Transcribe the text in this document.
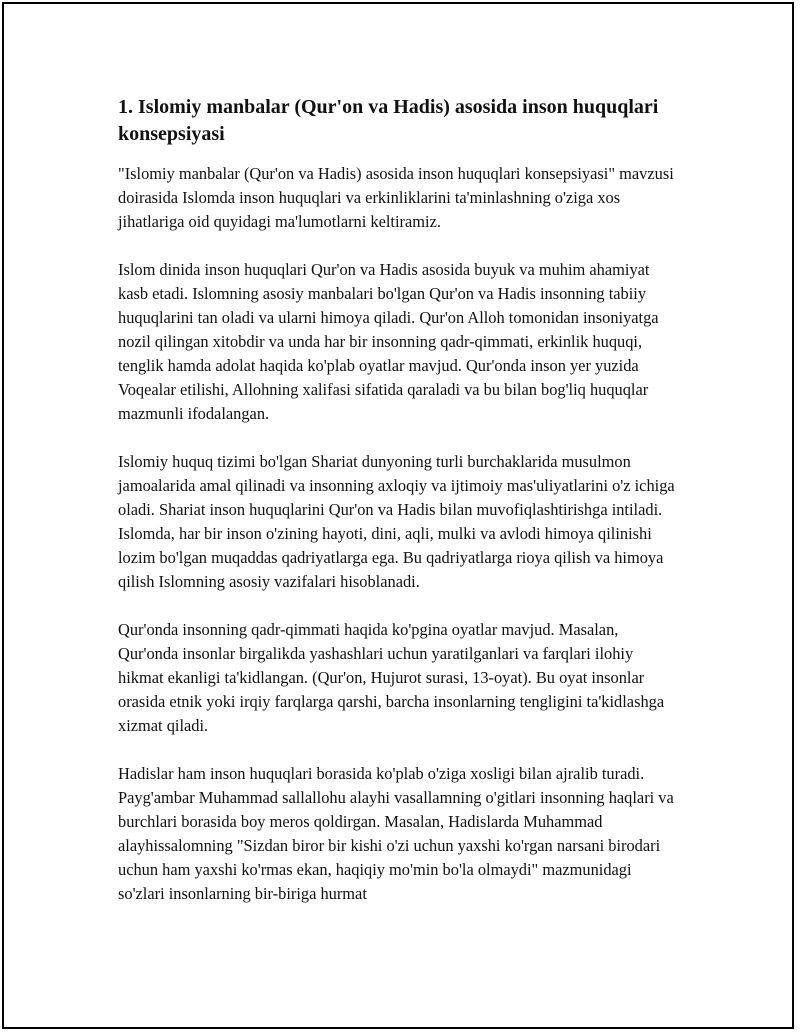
1. Islomiy manbalar (Qur'on va Hadis) asosida inson huquqlari konsepsiyasi

"Islomiy manbalar (Qur'on va Hadis) asosida inson huquqlari konsepsiyasi" mavzusi doirasida Islomda inson huquqlari va erkinliklarini ta'minlashning o'ziga xos jihatlariga oid quyidagi ma'lumotlarni keltiramiz.

Islom dinida inson huquqlari Qur'on va Hadis asosida buyuk va muhim ahamiyat kasb etadi. Islomning asosiy manbalari bo'lgan Qur'on va Hadis insonning tabiiy huquqlarini tan oladi va ularni himoya qiladi. Qur'on Alloh tomonidan insoniyatga nozil qilingan xitobdir va unda har bir insonning qadr-qimmati, erkinlik huquqi, tenglik hamda adolat haqida ko'plab oyatlar mavjud. Qur'onda inson yer yuzida Voqealar etilishi, Allohning xalifasi sifatida qaraladi va bu bilan bog'liq huquqlar mazmunli ifodalangan.

Islomiy huquq tizimi bo'lgan Shariat dunyoning turli burchaklarida musulmon jamoalarida amal qilinadi va insonning axloqiy va ijtimoiy mas'uliyatlarini o'z ichiga oladi. Shariat inson huquqlarini Qur'on va Hadis bilan muvofiqlashtirishga intiladi. Islomda, har bir inson o'zining hayoti, dini, aqli, mulki va avlodi himoya qilinishi lozim bo'lgan muqaddas qadriyatlarga ega. Bu qadriyatlarga rioya qilish va himoya qilish Islomning asosiy vazifalari hisoblanadi.

Qur'onda insonning qadr-qimmati haqida ko'pgina oyatlar mavjud. Masalan, Qur'onda insonlar birgalikda yashashlari uchun yaratilganlari va farqlari ilohiy hikmat ekanligi ta'kidlangan. (Qur'on, Hujurot surasi, 13-oyat). Bu oyat insonlar orasida etnik yoki irqiy farqlarga qarshi, barcha insonlarning tengligini ta'kidlashga xizmat qiladi.

Hadislar ham inson huquqlari borasida ko'plab o'ziga xosligi bilan ajralib turadi. Payg'ambar Muhammad sallallohu alayhi vasallamning o'gitlari insonning haqlari va burchlari borasida boy meros qoldirgan. Masalan, Hadislarda Muhammad alayhissalomning "Sizdan biror bir kishi o'zi uchun yaxshi ko'rgan narsani birodari uchun ham yaxshi ko'rmas ekan, haqiqiy mo'min bo'la olmaydi" mazmunidagi so'zlari insonlarning bir-biriga hurmat
